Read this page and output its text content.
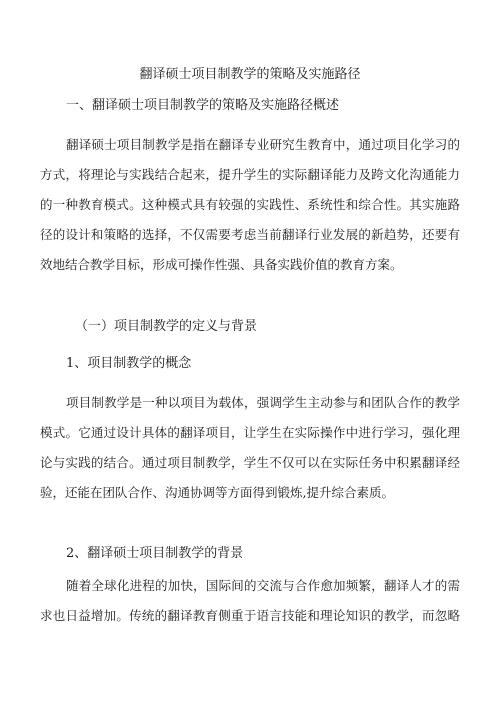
翻译硕士项目制教学的策略及实施路径
一、翻译硕士项目制教学的策略及实施路径概述
翻译硕士项目制教学是指在翻译专业研究生教育中，通过项目化学习的
方式，将理论与实践结合起来，提升学生的实际翻译能力及跨文化沟通能力
的一种教育模式。这种模式具有较强的实践性、系统性和综合性。其实施路
径的设计和策略的选择，不仅需要考虑当前翻译行业发展的新趋势，还要有
效地结合教学目标，形成可操作性强、具备实践价值的教育方案。
（一）项目制教学的定义与背景
1、项目制教学的概念
项目制教学是一种以项目为载体，强调学生主动参与和团队合作的教学
模式。它通过设计具体的翻译项目，让学生在实际操作中进行学习，强化理
论与实践的结合。通过项目制教学，学生不仅可以在实际任务中积累翻译经
验，还能在团队合作、沟通协调等方面得到锻炼,提升综合素质。
2、翻译硕士项目制教学的背景
随着全球化进程的加快，国际间的交流与合作愈加频繁，翻译人才的需
求也日益增加。传统的翻译教育侧重于语言技能和理论知识的教学，而忽略
